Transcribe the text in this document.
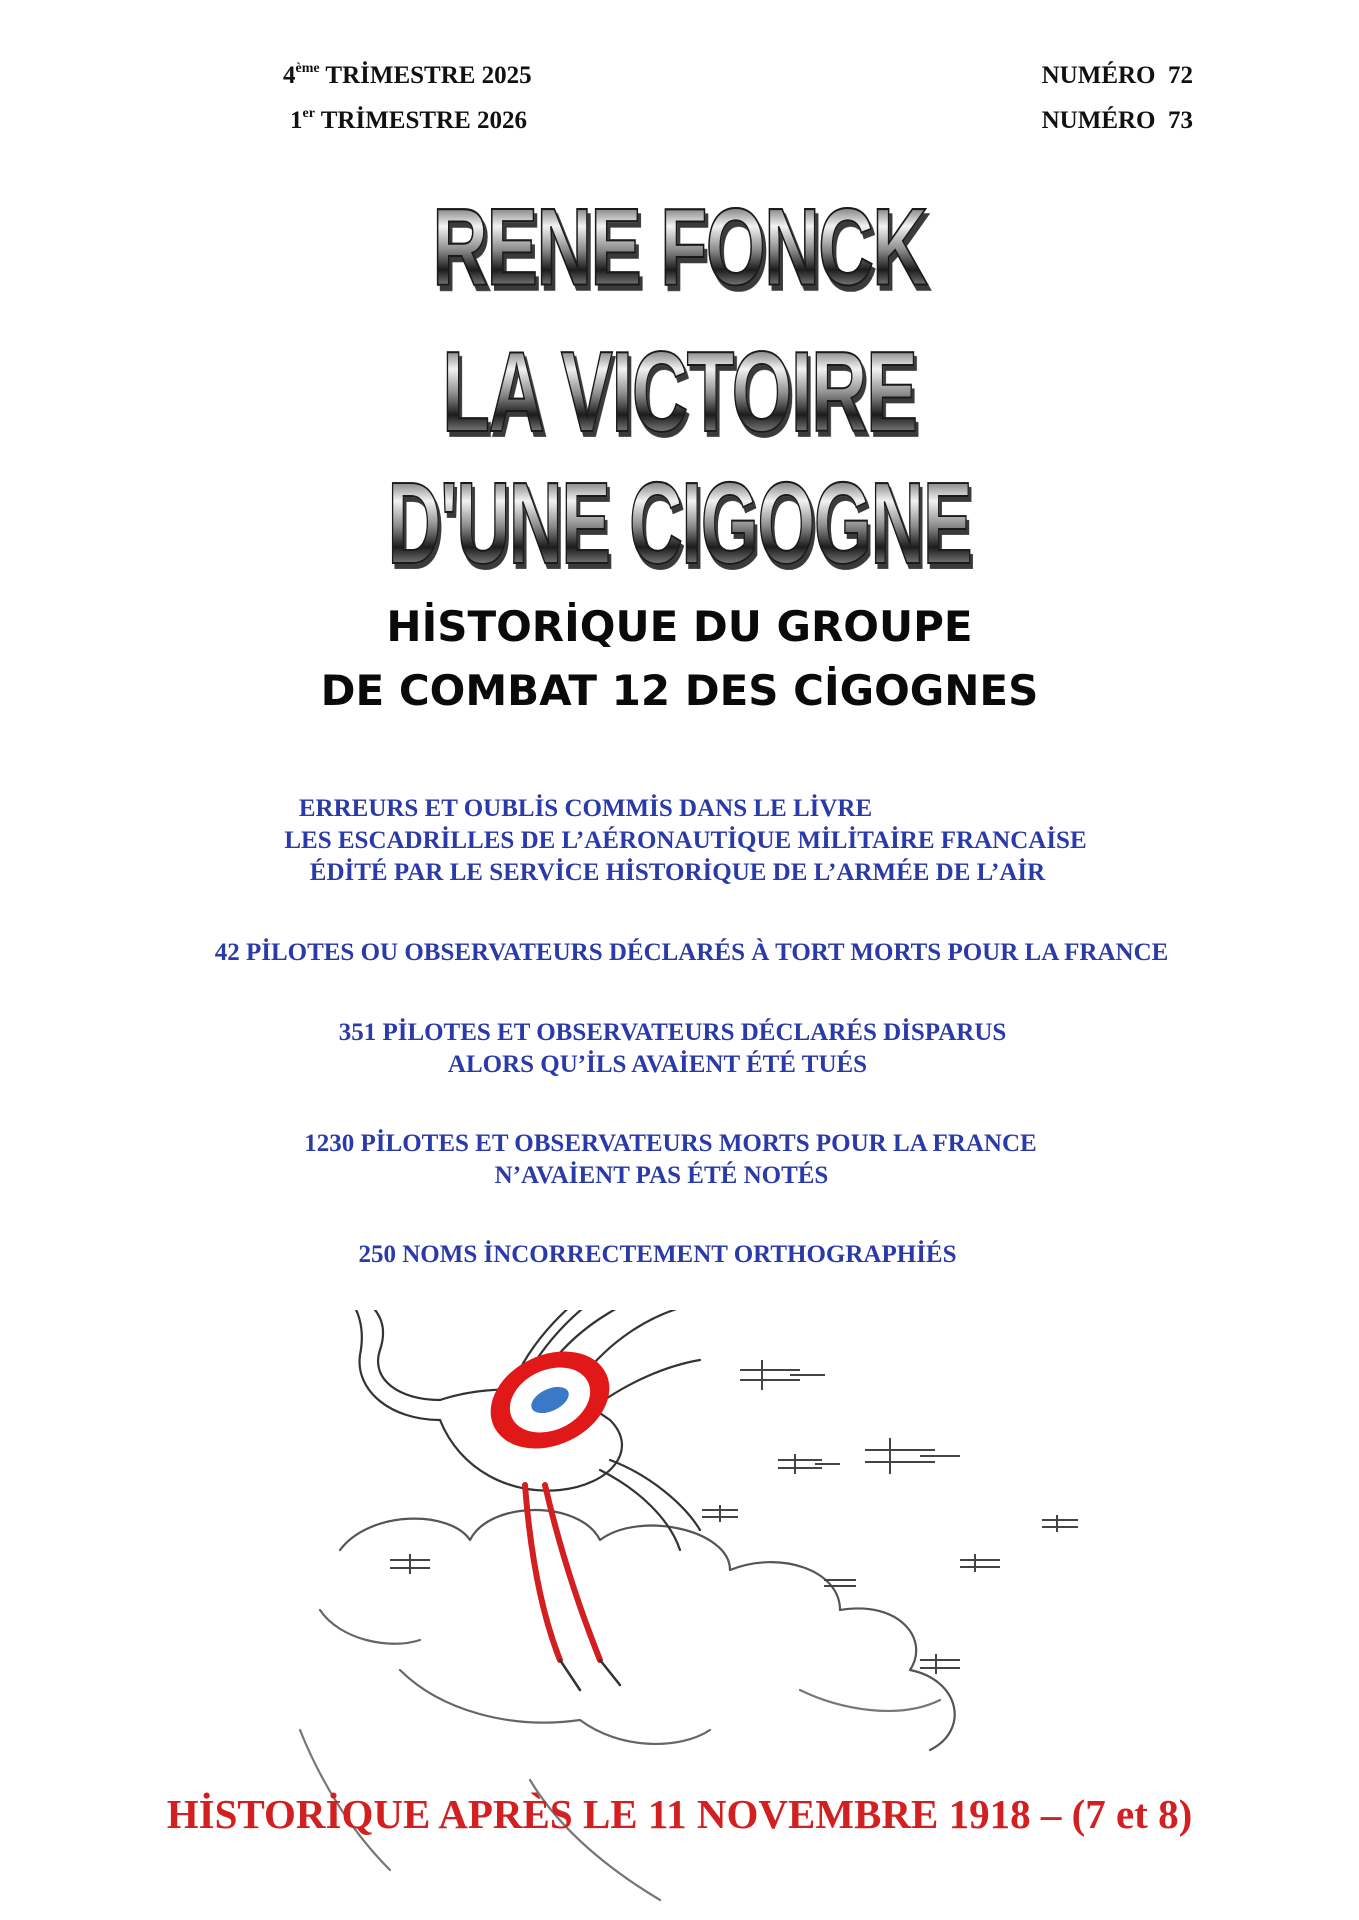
4ème TRİMESTRE 2025
1er TRİMESTRE 2026
NUMÉRO  72
NUMÉRO  73
RENE FONCK
LA VICTOIRE
D'UNE CIGOGNE
HİSTORİQUE DU GROUPE
DE COMBAT 12 DES CİGOGNES
ERREURS ET OUBLİS COMMİS DANS LE LİVRE
LES ESCADRİLLES DE L’AÉRONAUTİQUE MİLİTAİRE FRANCAİSE
ÉDİTÉ PAR LE SERVİCE HİSTORİQUE DE L’ARMÉE DE L’AİR
42 PİLOTES OU OBSERVATEURS DÉCLARÉS À TORT MORTS POUR LA FRANCE
351 PİLOTES ET OBSERVATEURS DÉCLARÉS DİSPARUS
ALORS QU’İLS AVAİENT ÉTÉ TUÉS
1230 PİLOTES ET OBSERVATEURS MORTS POUR LA FRANCE
N’AVAİENT PAS ÉTÉ NOTÉS
250 NOMS İNCORRECTEMENT ORTHOGRAPHİÉS
HİSTORİQUE APRÈS LE 11 NOVEMBRE 1918 – (7 et 8)
